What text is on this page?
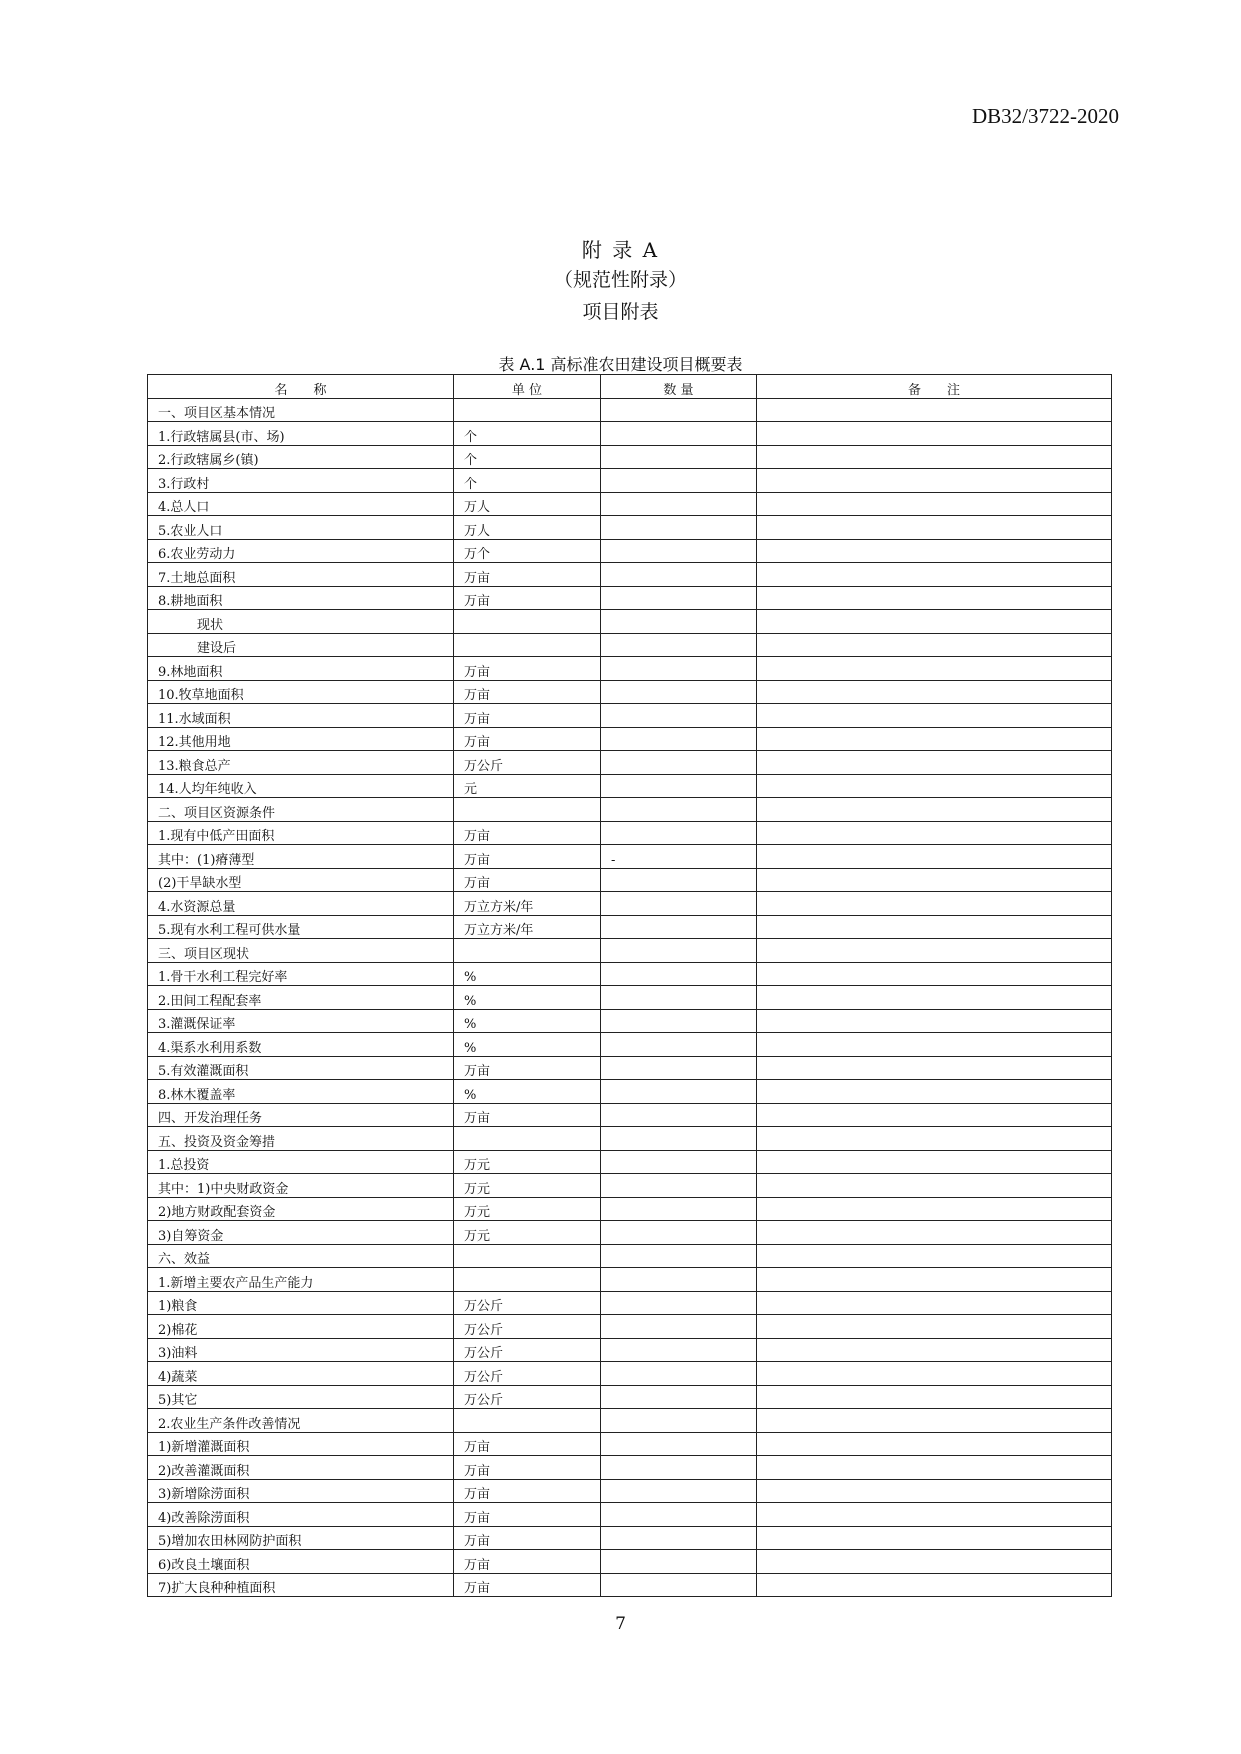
DB32/3722-2020
附 录 A
（规范性附录）
项目附表
表 A.1 高标准农田建设项目概要表
名　　称	单 位	数 量	备　　注
一、项目区基本情况			
1.行政辖属县(市、场)	个		
2.行政辖属乡(镇)	个		
3.行政村	个		
4.总人口	万人		
5.农业人口	万人		
6.农业劳动力	万个		
7.土地总面积	万亩		
8.耕地面积	万亩		
　　　现状			
　　　建设后			
9.林地面积	万亩		
10.牧草地面积	万亩		
11.水域面积	万亩		
12.其他用地	万亩		
13.粮食总产	万公斤		
14.人均年纯收入	元		
二、项目区资源条件			
1.现有中低产田面积	万亩		
其中：(1)瘠薄型	万亩	-	
(2)干旱缺水型	万亩		
4.水资源总量	万立方米/年		
5.现有水利工程可供水量	万立方米/年		
三、项目区现状			
1.骨干水利工程完好率	%		
2.田间工程配套率	%		
3.灌溉保证率	%		
4.渠系水利用系数	%		
5.有效灌溉面积	万亩		
8.林木覆盖率	%		
四、开发治理任务	万亩		
五、投资及资金筹措			
1.总投资	万元		
其中：1)中央财政资金	万元		
2)地方财政配套资金	万元		
3)自筹资金	万元		
六、效益			
1.新增主要农产品生产能力			
1)粮食	万公斤		
2)棉花	万公斤		
3)油料	万公斤		
4)蔬菜	万公斤		
5)其它	万公斤		
2.农业生产条件改善情况			
1)新增灌溉面积	万亩		
2)改善灌溉面积	万亩		
3)新增除涝面积	万亩		
4)改善除涝面积	万亩		
5)增加农田林网防护面积	万亩		
6)改良土壤面积	万亩		
7)扩大良种种植面积	万亩		
7
